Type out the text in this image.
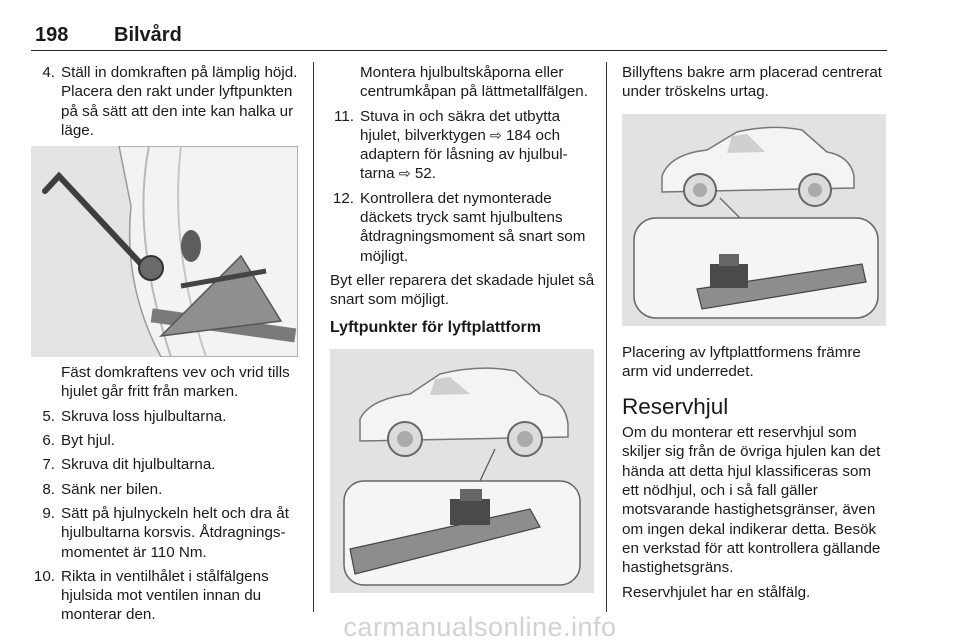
198 Bilvård
4. Ställ in domkraften på lämplig höjd. Placera den rakt under lyftpunkten på så sätt att den inte kan halka ur läge.

Fäst domkraftens vev och vrid tills hjulet går fritt från marken.

5. Skruva loss hjulbultarna.
6. Byt hjul.
7. Skruva dit hjulbultarna.
8. Sänk ner bilen.
9. Sätt på hjulnyckeln helt och dra åt hjulbultarna korsvis. Åtdragningsmomentet är 110 Nm.
10. Rikta in ventilhålet i stålfälgens hjulsida mot ventilen innan du monterar den.

Montera hjulbultskåporna eller centrumkåpan på lättmetallfälgen.

11. Stuva in och säkra det utbytta hjulet, bilverktygen ⇨ 184 och adaptern för låsning av hjulbultarna ⇨ 52.
12. Kontrollera det nymonterade däckets tryck samt hjulbultens åtdragningsmoment så snart som möjligt.

Byt eller reparera det skadade hjulet så snart som möjligt.

Lyftpunkter för lyftplattform

Billyftens bakre arm placerad centrerat under tröskelns urtag.

Placering av lyftplattformens främre arm vid underredet.

Reservhjul

Om du monterar ett reservhjul som skiljer sig från de övriga hjulen kan det hända att detta hjul klassificeras som ett nödhjul, och i så fall gäller motsvarande hastighetsgränser, även om ingen dekal indikerar detta. Besök en verkstad för att kontrollera gällande hastighetsgräns.

Reservhjulet har en stålfälg.

carmanualsonline.info
